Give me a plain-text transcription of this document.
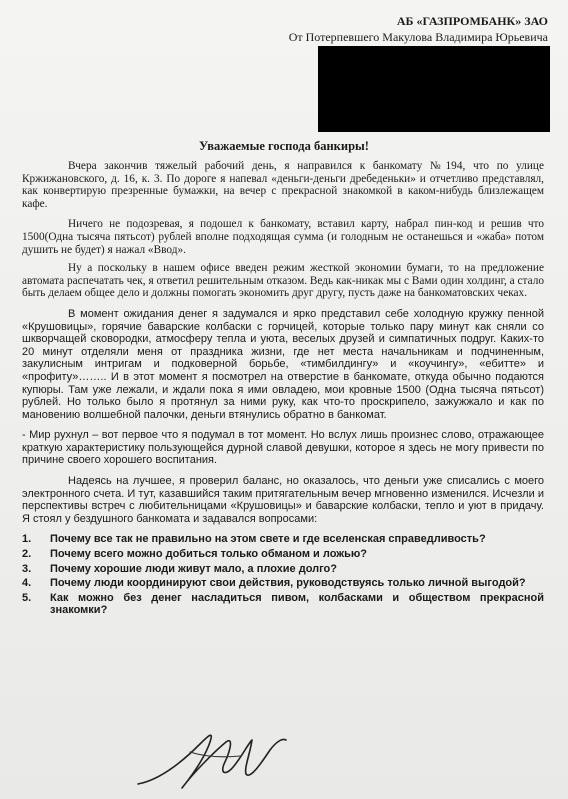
АБ «ГАЗПРОМБАНК» ЗАО
От Потерпевшего Макулова Владимира Юрьевича
Уважаемые господа банкиры!

Вчера закончив тяжелый рабочий день, я направился к банкомату №194, что по улице Кржижановского, д. 16, к. 3. По дороге я напевал «деньги-деньги дребеденьки» и отчетливо представлял, как конвертирую презренные бумажки, на вечер с прекрасной знакомкой в каком-нибудь близлежащем кафе.

Ничего не подозревая, я подошел к банкомату, вставил карту, набрал пин-код и решив что 1500(Одна тысяча пятьсот) рублей вполне подходящая сумма (и голодным не останешься и «жаба» потом душить не будет) я нажал «Ввод».

Ну а поскольку в нашем офисе введен режим жесткой экономии бумаги, то на предложение автомата распечатать чек, я ответил решительным отказом. Ведь как-никак мы с Вами один холдинг, а стало быть делаем общее дело и должны помогать экономить друг другу, пусть даже на банкоматовских чеках.

В момент ожидания денег я задумался и ярко представил себе холодную кружку пенной «Крушовицы», горячие баварские колбаски с горчицей, которые только пару минут как сняли со шкворчащей сковородки, атмосферу тепла и уюта, веселых друзей и симпатичных подруг. Каких-то 20 минут отделяли меня от праздника жизни, где нет места начальникам и подчиненным, закулисным интригам и подковерной борьбе, «тимбилдингу» и «коучингу», «ебитте» и «профиту»…….. И в этот момент я посмотрел на отверстие в банкомате, откуда обычно подаются купюры. Там уже лежали, и ждали пока я ими овладею, мои кровные 1500 (Одна тысяча пятьсот) рублей. Но только было я протянул за ними руку, как что-то проскрипело, зажужжало и как по мановению волшебной палочки, деньги втянулись обратно в банкомат.

- Мир рухнул – вот первое что я подумал в тот момент. Но вслух лишь произнес слово, отражающее краткую характеристику пользующейся дурной славой девушки, которое я здесь не могу привести по причине своего хорошего воспитания.

Надеясь на лучшее, я проверил баланс, но оказалось, что деньги уже списались с моего электронного счета. И тут, казавшийся таким притягательным вечер мгновенно изменился. Исчезли и перспективы встреч с любительницами «Крушовицы» и баварские колбаски, тепло и уют в придачу. Я стоял у бездушного банкомата и задавался вопросами:

1. Почему все так не правильно на этом свете и где вселенская справедливость?
2. Почему всего можно добиться только обманом и ложью?
3. Почему хорошие люди живут мало, а плохие долго?
4. Почему люди координируют свои действия, руководствуясь только личной выгодой?
5. Как можно без денег насладиться пивом, колбасками и обществом прекрасной знакомки?
